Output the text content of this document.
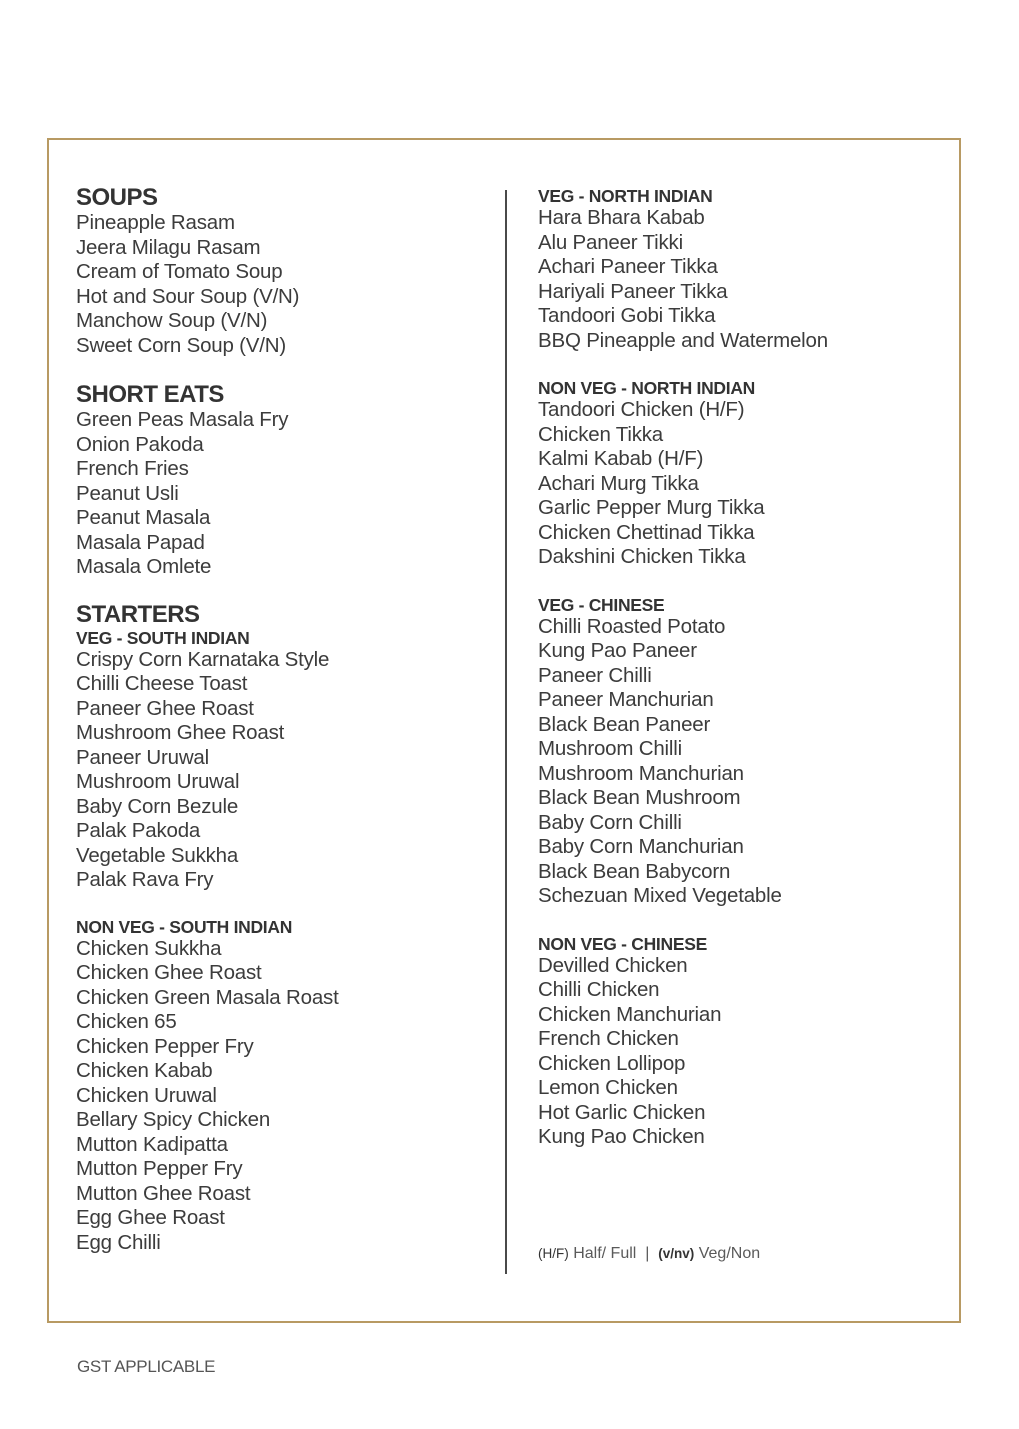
SOUPS
Pineapple Rasam
Jeera Milagu Rasam
Cream of Tomato Soup
Hot and Sour Soup (V/N)
Manchow Soup (V/N)
Sweet Corn Soup (V/N)
SHORT EATS
Green Peas Masala Fry
Onion Pakoda
French Fries
Peanut Usli
Peanut Masala
Masala Papad
Masala Omlete
STARTERS
VEG - SOUTH INDIAN
Crispy Corn Karnataka Style
Chilli Cheese Toast
Paneer Ghee Roast
Mushroom Ghee Roast
Paneer Uruwal
Mushroom Uruwal
Baby Corn Bezule
Palak Pakoda
Vegetable Sukkha
Palak Rava Fry
NON VEG - SOUTH INDIAN
Chicken Sukkha
Chicken Ghee Roast
Chicken Green Masala Roast
Chicken 65
Chicken Pepper Fry
Chicken Kabab
Chicken Uruwal
Bellary Spicy Chicken
Mutton Kadipatta
Mutton Pepper Fry
Mutton Ghee Roast
Egg Ghee Roast
Egg Chilli
VEG - NORTH INDIAN
Hara Bhara Kabab
Alu Paneer Tikki
Achari Paneer Tikka
Hariyali Paneer Tikka
Tandoori Gobi Tikka
BBQ Pineapple and Watermelon
NON VEG - NORTH INDIAN
Tandoori Chicken (H/F)
Chicken Tikka
Kalmi Kabab (H/F)
Achari Murg Tikka
Garlic Pepper Murg Tikka
Chicken Chettinad Tikka
Dakshini Chicken Tikka
VEG - CHINESE
Chilli Roasted Potato
Kung Pao Paneer
Paneer Chilli
Paneer Manchurian
Black Bean Paneer
Mushroom Chilli
Mushroom Manchurian
Black Bean Mushroom
Baby Corn Chilli
Baby Corn Manchurian
Black Bean Babycorn
Schezuan Mixed Vegetable
NON VEG - CHINESE
Devilled Chicken
Chilli Chicken
Chicken Manchurian
French Chicken
Chicken Lollipop
Lemon Chicken
Hot Garlic Chicken
Kung Pao Chicken
(H/F) Half/ Full | (v/nv) Veg/Non
GST APPLICABLE
